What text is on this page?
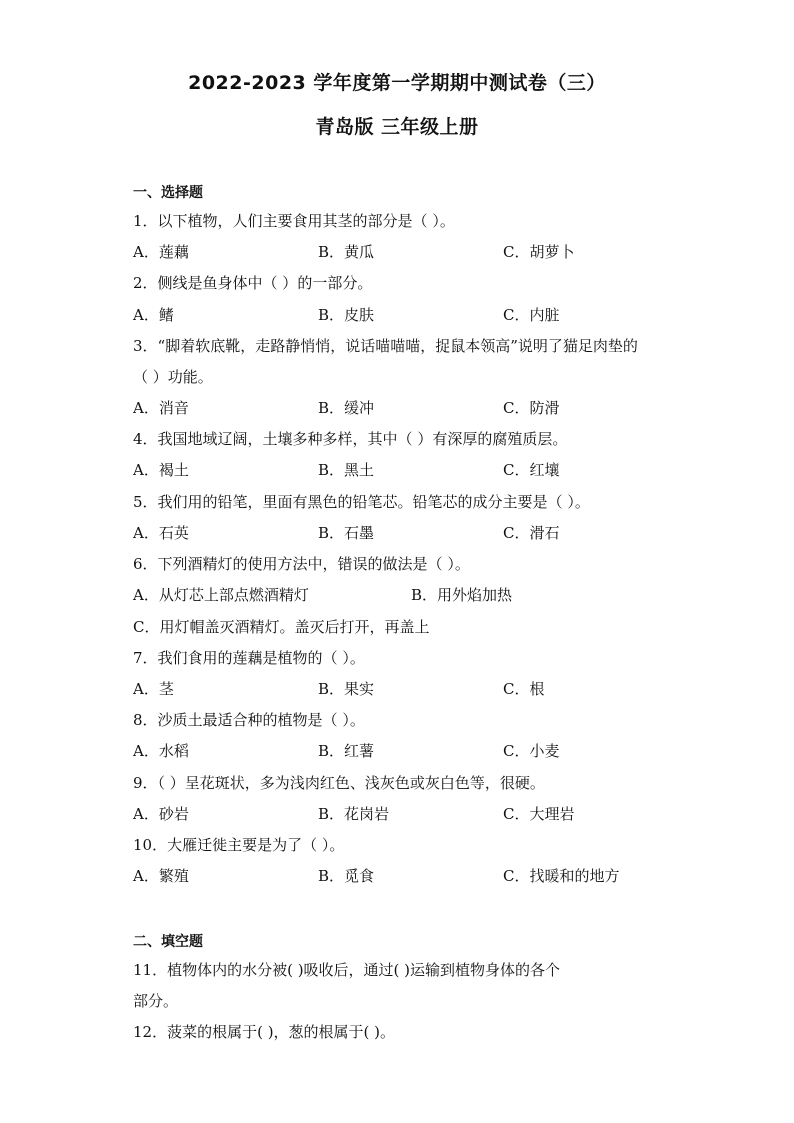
2022-2023 学年度第一学期期中测试卷（三）
青岛版 三年级上册
一、选择题
1．以下植物，人们主要食用其茎的部分是（ ）。
A．莲藕	B．黄瓜	C．胡萝卜
2．侧线是鱼身体中（ ）的一部分。
A．鳍	B．皮肤	C．内脏
3．“脚着软底靴，走路静悄悄，说话喵喵喵，捉鼠本领高”说明了猫足肉垫的
（ ）功能。
A．消音	B．缓冲	C．防滑
4．我国地域辽阔，土壤多种多样，其中（ ）有深厚的腐殖质层。
A．褐土	B．黑土	C．红壤
5．我们用的铅笔，里面有黑色的铅笔芯。铅笔芯的成分主要是（ ）。
A．石英	B．石墨	C．滑石
6．下列酒精灯的使用方法中，错误的做法是（ ）。
A．从灯芯上部点燃酒精灯	B．用外焰加热
C．用灯帽盖灭酒精灯。盖灭后打开，再盖上
7．我们食用的莲藕是植物的（ ）。
A．茎	B．果实	C．根
8．沙质土最适合种的植物是（ ）。
A．水稻	B．红薯	C．小麦
9．（ ）呈花斑状，多为浅肉红色、浅灰色或灰白色等，很硬。
A．砂岩	B．花岗岩	C．大理岩
10．大雁迁徙主要是为了（ ）。
A．繁殖	B．觅食	C．找暖和的地方
二、填空题
11．植物体内的水分被( )吸收后，通过( )运输到植物身体的各个
部分。
12．菠菜的根属于( )，葱的根属于( )。
